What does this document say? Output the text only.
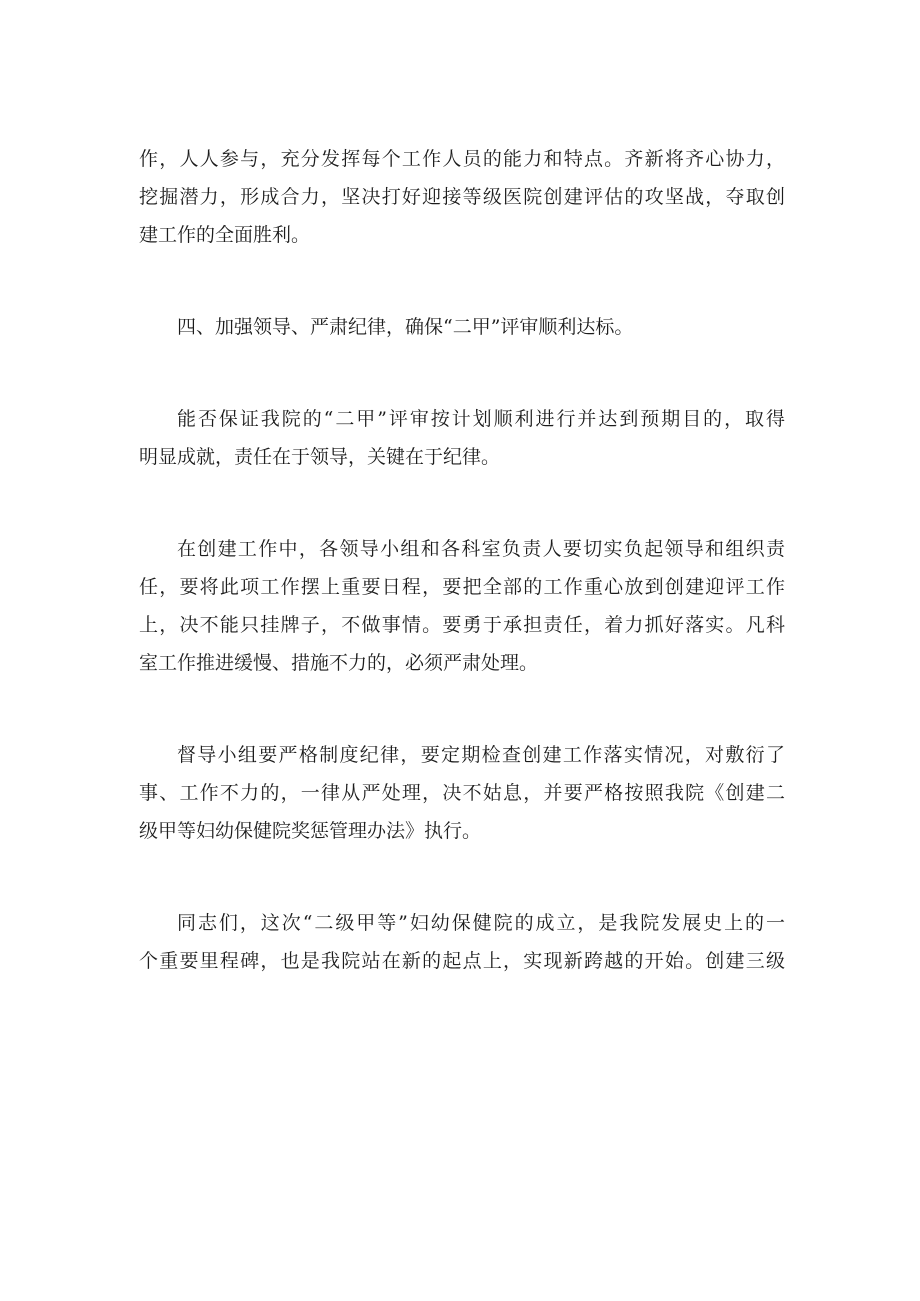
作，人人参与，充分发挥每个工作人员的能力和特点。齐新将齐心协力，
挖掘潜力，形成合力，坚决打好迎接等级医院创建评估的攻坚战，夺取创
建工作的全面胜利。
四、加强领导、严肃纪律，确保“二甲”评审顺利达标。
能否保证我院的“二甲”评审按计划顺利进行并达到预期目的，取得
明显成就，责任在于领导，关键在于纪律。
在创建工作中，各领导小组和各科室负责人要切实负起领导和组织责
任，要将此项工作摆上重要日程，要把全部的工作重心放到创建迎评工作
上，决不能只挂牌子，不做事情。要勇于承担责任，着力抓好落实。凡科
室工作推进缓慢、措施不力的，必须严肃处理。
督导小组要严格制度纪律，要定期检查创建工作落实情况，对敷衍了
事、工作不力的，一律从严处理，决不姑息，并要严格按照我院《创建二
级甲等妇幼保健院奖惩管理办法》执行。
同志们，这次“二级甲等”妇幼保健院的成立，是我院发展史上的一
个重要里程碑，也是我院站在新的起点上，实现新跨越的开始。创建三级
